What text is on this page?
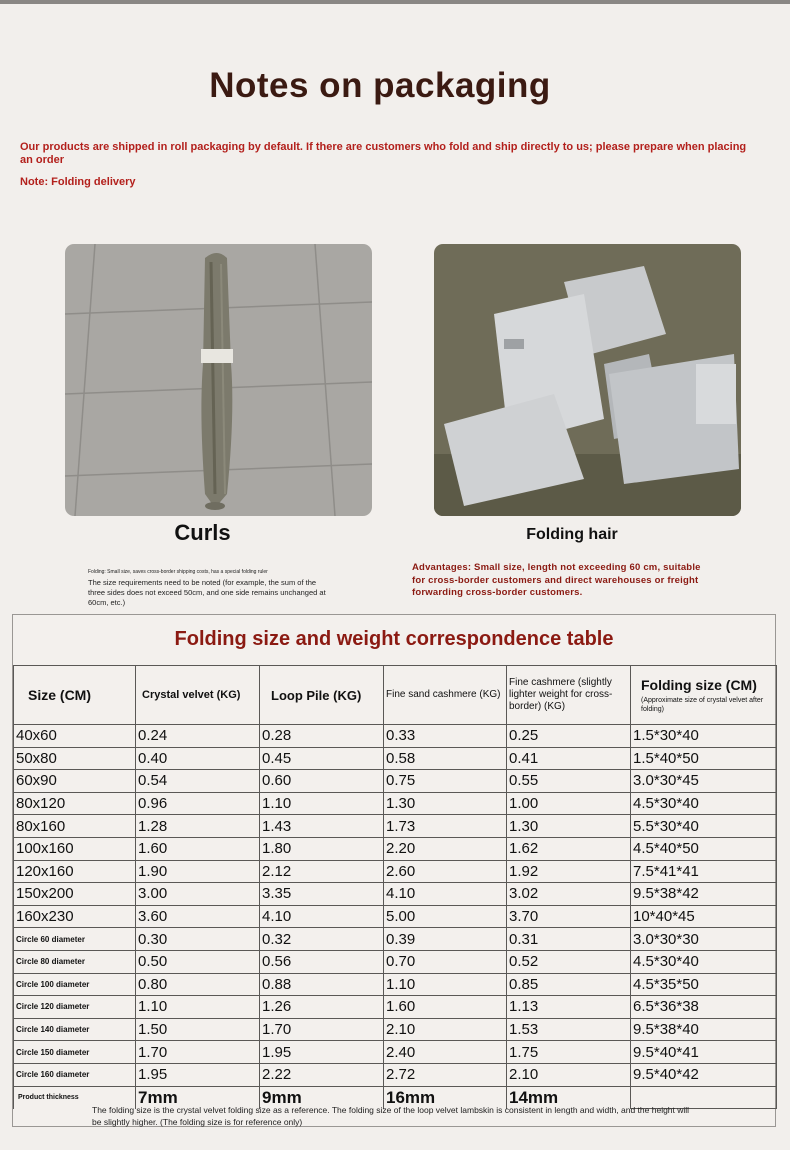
Notes on packaging
Our products are shipped in roll packaging by default. If there are customers who fold and ship directly to us; please prepare when placing an order
Note: Folding delivery
Curls	Folding hair
Folding: Small size, saves cross-border shipping costs, has a special folding ruler
The size requirements need to be noted (for example, the sum of the three sides does not exceed 50cm, and one side remains unchanged at 60cm, etc.)
Advantages: Small size, length not exceeding 60 cm, suitable for cross-border customers and direct warehouses or freight forwarding cross-border customers.
Folding size and weight correspondence table
Size (CM)	Crystal velvet (KG)	Loop Pile (KG)	Fine sand cashmere (KG)	Fine cashmere (slightly lighter weight for cross-border) (KG)	Folding size (CM)
(Approximate size of crystal velvet after folding)

40x60	0.24	0.28	0.33	0.25	1.5*30*40
50x80	0.40	0.45	0.58	0.41	1.5*40*50
60x90	0.54	0.60	0.75	0.55	3.0*30*45
80x120	0.96	1.10	1.30	1.00	4.5*30*40
80x160	1.28	1.43	1.73	1.30	5.5*30*40
100x160	1.60	1.80	2.20	1.62	4.5*40*50
120x160	1.90	2.12	2.60	1.92	7.5*41*41
150x200	3.00	3.35	4.10	3.02	9.5*38*42
160x230	3.60	4.10	5.00	3.70	10*40*45
Circle 60 diameter	0.30	0.32	0.39	0.31	3.0*30*30
Circle 80 diameter	0.50	0.56	0.70	0.52	4.5*30*40
Circle 100 diameter	0.80	0.88	1.10	0.85	4.5*35*50
Circle 120 diameter	1.10	1.26	1.60	1.13	6.5*36*38
Circle 140 diameter	1.50	1.70	2.10	1.53	9.5*38*40
Circle 150 diameter	1.70	1.95	2.40	1.75	9.5*40*41
Circle 160 diameter	1.95	2.22	2.72	2.10	9.5*40*42
Product thickness	7mm	9mm	16mm	14mm	
The folding size is the crystal velvet folding size as a reference. The folding size of the loop velvet lambskin is consistent in length and width, and the height will be slightly higher. (The folding size is for reference only)
